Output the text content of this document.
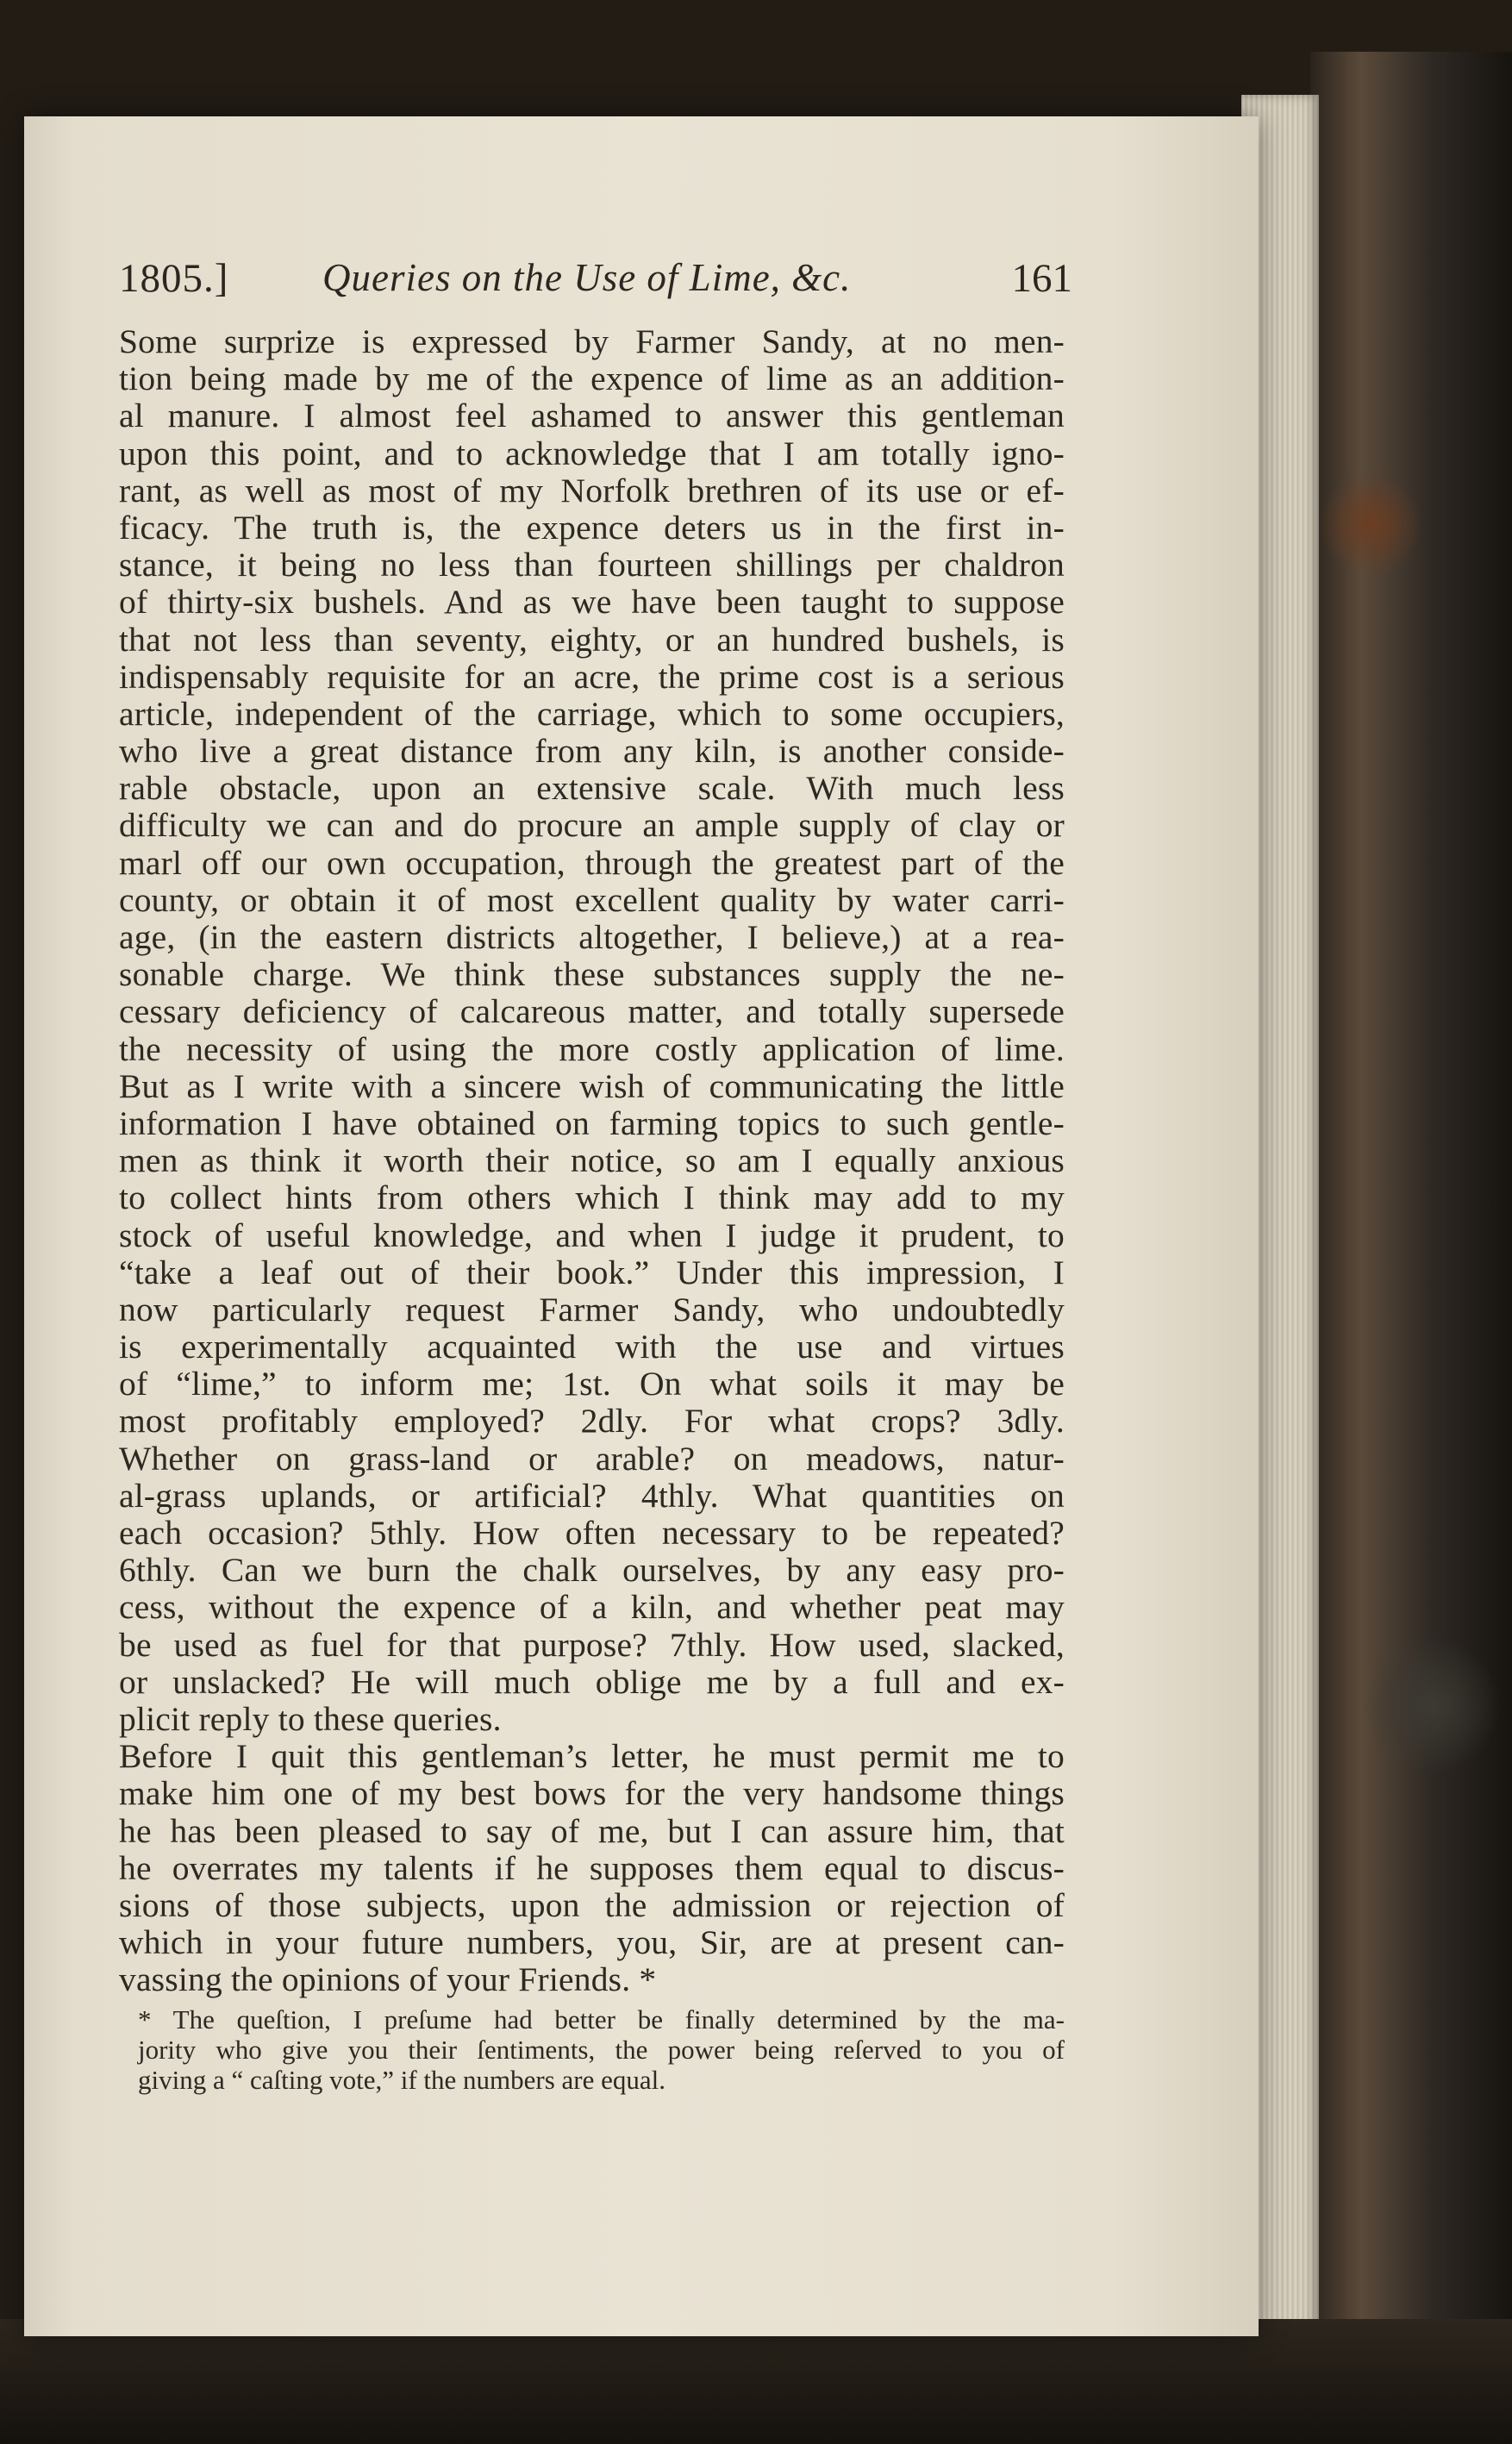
1805.] Queries on the Use of Lime, &c.	161
Some surprize is expressed by Farmer Sandy, at no men-
tion being made by me of the expence of lime as an addition-
al manure. I almost feel ashamed to answer this gentleman
upon this point, and to acknowledge that I am totally igno-
rant, as well as most of my Norfolk brethren of its use or ef-
ficacy. The truth is, the expence deters us in the first in-
stance, it being no less than fourteen shillings per chaldron
of thirty-six bushels. And as we have been taught to suppose
that not less than seventy, eighty, or an hundred bushels, is
indispensably requisite for an acre, the prime cost is a serious
article, independent of the carriage, which to some occupiers,
who live a great distance from any kiln, is another conside-
rable obstacle, upon an extensive scale. With much less
difficulty we can and do procure an ample supply of clay or
marl off our own occupation, through the greatest part of the
county, or obtain it of most excellent quality by water carri-
age, (in the eastern districts altogether, I believe,) at a rea-
sonable charge. We think these substances supply the ne-
cessary deficiency of calcareous matter, and totally supersede
the necessity of using the more costly application of lime.
But as I write with a sincere wish of communicating the little
information I have obtained on farming topics to such gentle-
men as think it worth their notice, so am I equally anxious
to collect hints from others which I think may add to my
stock of useful knowledge, and when I judge it prudent, to
“take a leaf out of their book.” Under this impression, I
now particularly request Farmer Sandy, who undoubtedly
is experimentally acquainted with the use and virtues
of “lime,” to inform me; 1st. On what soils it may be
most profitably employed? 2dly. For what crops? 3dly.
Whether on grass-land or arable? on meadows, natur-
al-grass uplands, or artificial? 4thly. What quantities on
each occasion? 5thly. How often necessary to be repeated?
6thly. Can we burn the chalk ourselves, by any easy pro-
cess, without the expence of a kiln, and whether peat may
be used as fuel for that purpose? 7thly. How used, slacked,
or unslacked? He will much oblige me by a full and ex-
plicit reply to these queries.
Before I quit this gentleman’s letter, he must permit me to
make him one of my best bows for the very handsome things
he has been pleased to say of me, but I can assure him, that
he overrates my talents if he supposes them equal to discus-
sions of those subjects, upon the admission or rejection of
which in your future numbers, you, Sir, are at present can-
vassing the opinions of your Friends. *
* The queſtion, I preſume had better be finally determined by the ma-
jority who give you their ſentiments, the power being reſerved to you of
giving a “ caſting vote,” if the numbers are equal.
